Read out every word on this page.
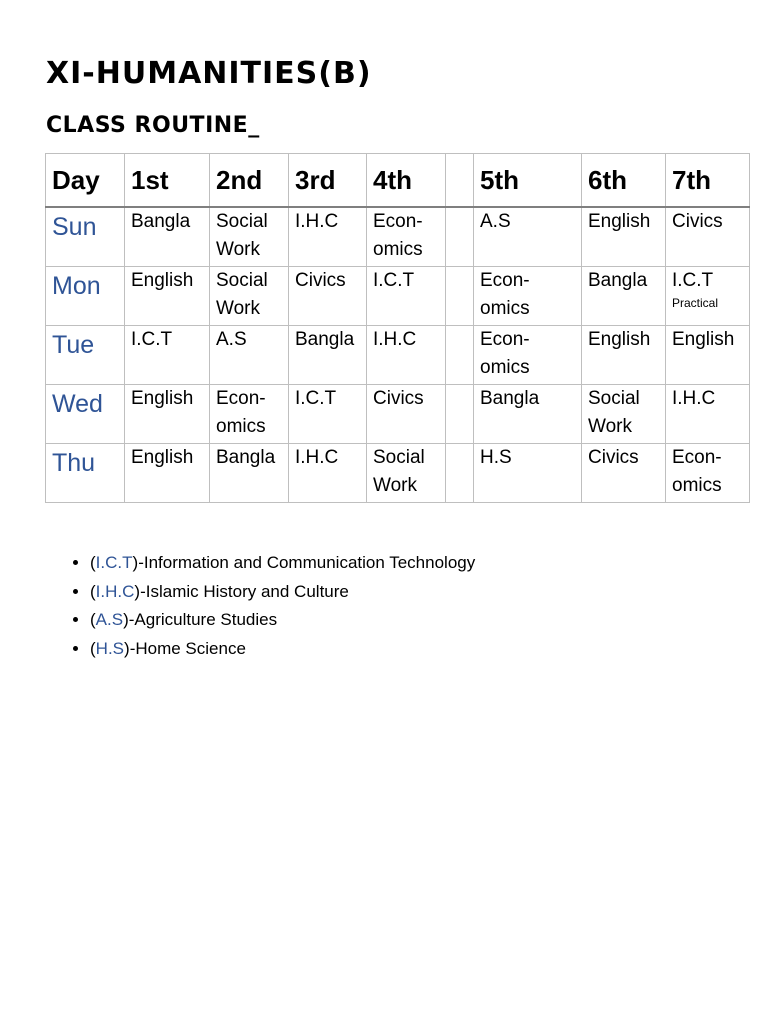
XI-HUMANITIES(B)
CLASS ROUTINE_
Day	1st	2nd	3rd	4th		5th	6th	7th
Sun	Bangla	Social Work	I.H.C	Econ-omics		A.S	English	Civics
Mon	English	Social Work	Civics	I.C.T		Econ-omics	Bangla	I.C.T
Practical

Tue	I.C.T	A.S	Bangla	I.H.C		Econ-omics	English	English
Wed	English	Econ-omics	I.C.T	Civics		Bangla	Social Work	I.H.C
Thu	English	Bangla	I.H.C	Social Work		H.S	Civics	Econ-omics
• (I.C.T)-Information and Communication Technology
• (I.H.C)-Islamic History and Culture
• (A.S)-Agriculture Studies
• (H.S)-Home Science
